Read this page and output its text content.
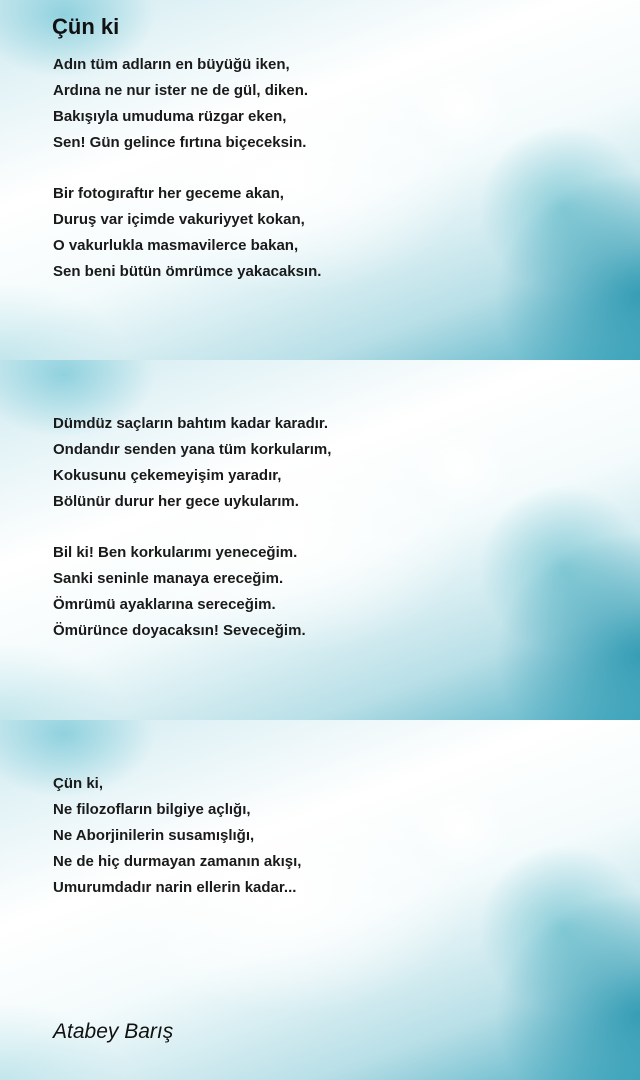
Çün ki
Adın tüm adların en büyüğü iken,
Ardına ne nur ister ne de gül, diken.
Bakışıyla umuduma rüzgar eken,
Sen! Gün gelince fırtına biçeceksin.
Bir fotogıraftır her geceme akan,
Duruş var içimde vakuriyyet kokan,
O vakurlukla masmavilerce bakan,
Sen beni bütün ömrümce yakacaksın.
Dümdüz saçların bahtım kadar karadır.
Ondandır senden yana tüm korkularım,
Kokusunu çekemeyişim yaradır,
Bölünür durur her gece uykularım.
Bil ki! Ben korkularımı yeneceğim.
Sanki seninle manaya ereceğim.
Ömrümü ayaklarına sereceğim.
Ömürünce doyacaksın! Seveceğim.
Çün ki,
Ne filozofların bilgiye açlığı,
Ne Aborjinilerin susamışlığı,
Ne de hiç durmayan zamanın akışı,
Umurumdadır narin ellerin kadar...
Atabey Barış
